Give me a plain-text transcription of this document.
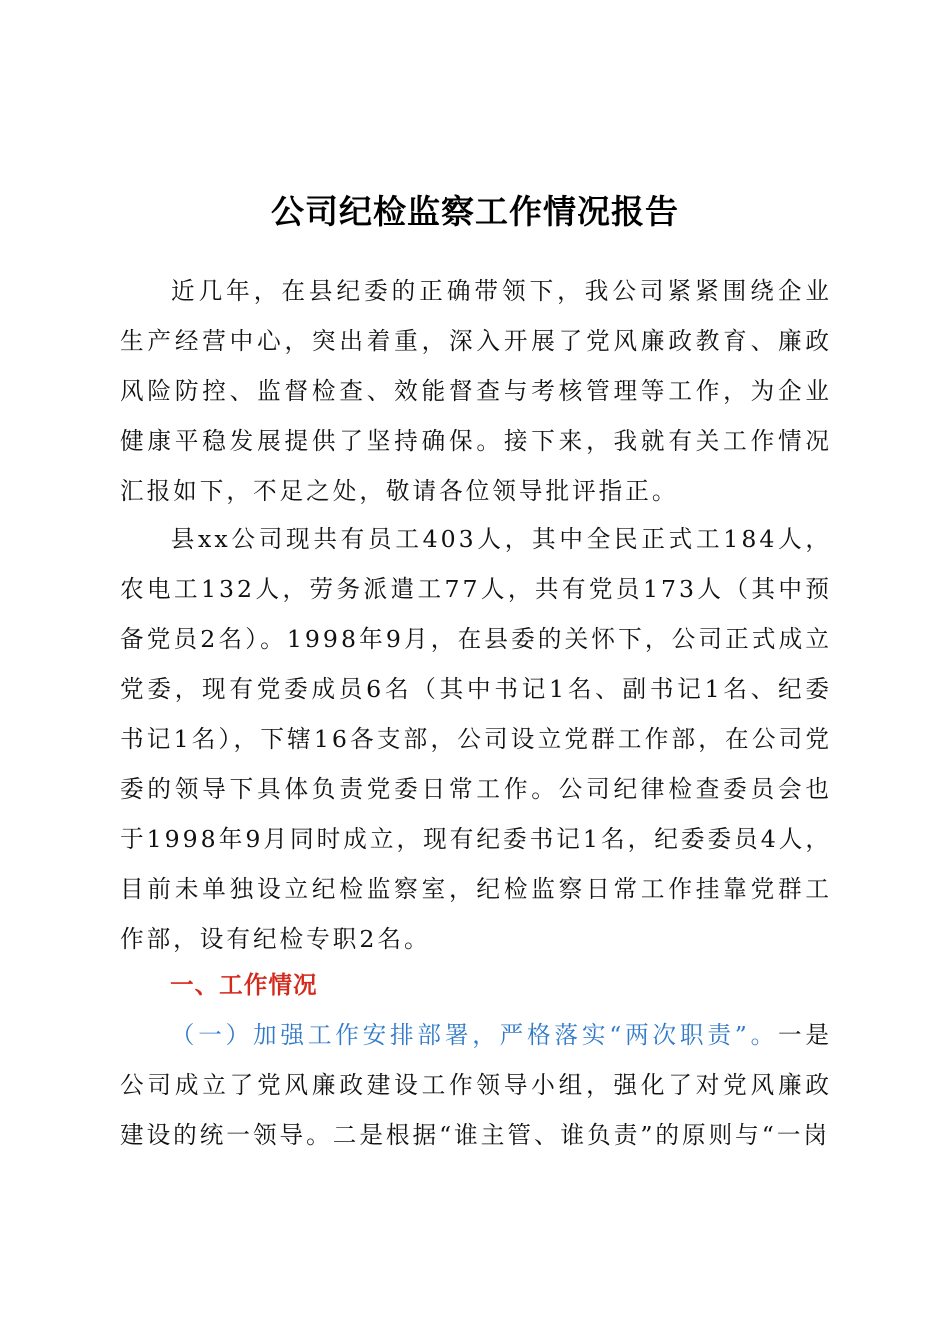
公司纪检监察工作情况报告

近几年，在县纪委的正确带领下，我公司紧紧围绕企业生产经营中心，突出着重，深入开展了党风廉政教育、廉政风险防控、监督检查、效能督查与考核管理等工作，为企业健康平稳发展提供了坚持确保。接下来，我就有关工作情况汇报如下，不足之处，敬请各位领导批评指正。

县xx公司现共有员工403人，其中全民正式工184人，农电工132人，劳务派遣工77人，共有党员173人（其中预备党员2名）。1998年9月，在县委的关怀下，公司正式成立党委，现有党委成员6名（其中书记1名、副书记1名、纪委书记1名），下辖16各支部，公司设立党群工作部，在公司党委的领导下具体负责党委日常工作。公司纪律检查委员会也于1998年9月同时成立，现有纪委书记1名，纪委委员4人，目前未单独设立纪检监察室，纪检监察日常工作挂靠党群工作部，设有纪检专职2名。

一、工作情况

（一）加强工作安排部署，严格落实“两次职责”。一是公司成立了党风廉政建设工作领导小组，强化了对党风廉政建设的统一领导。二是根据“谁主管、谁负责”的原则与“一岗
